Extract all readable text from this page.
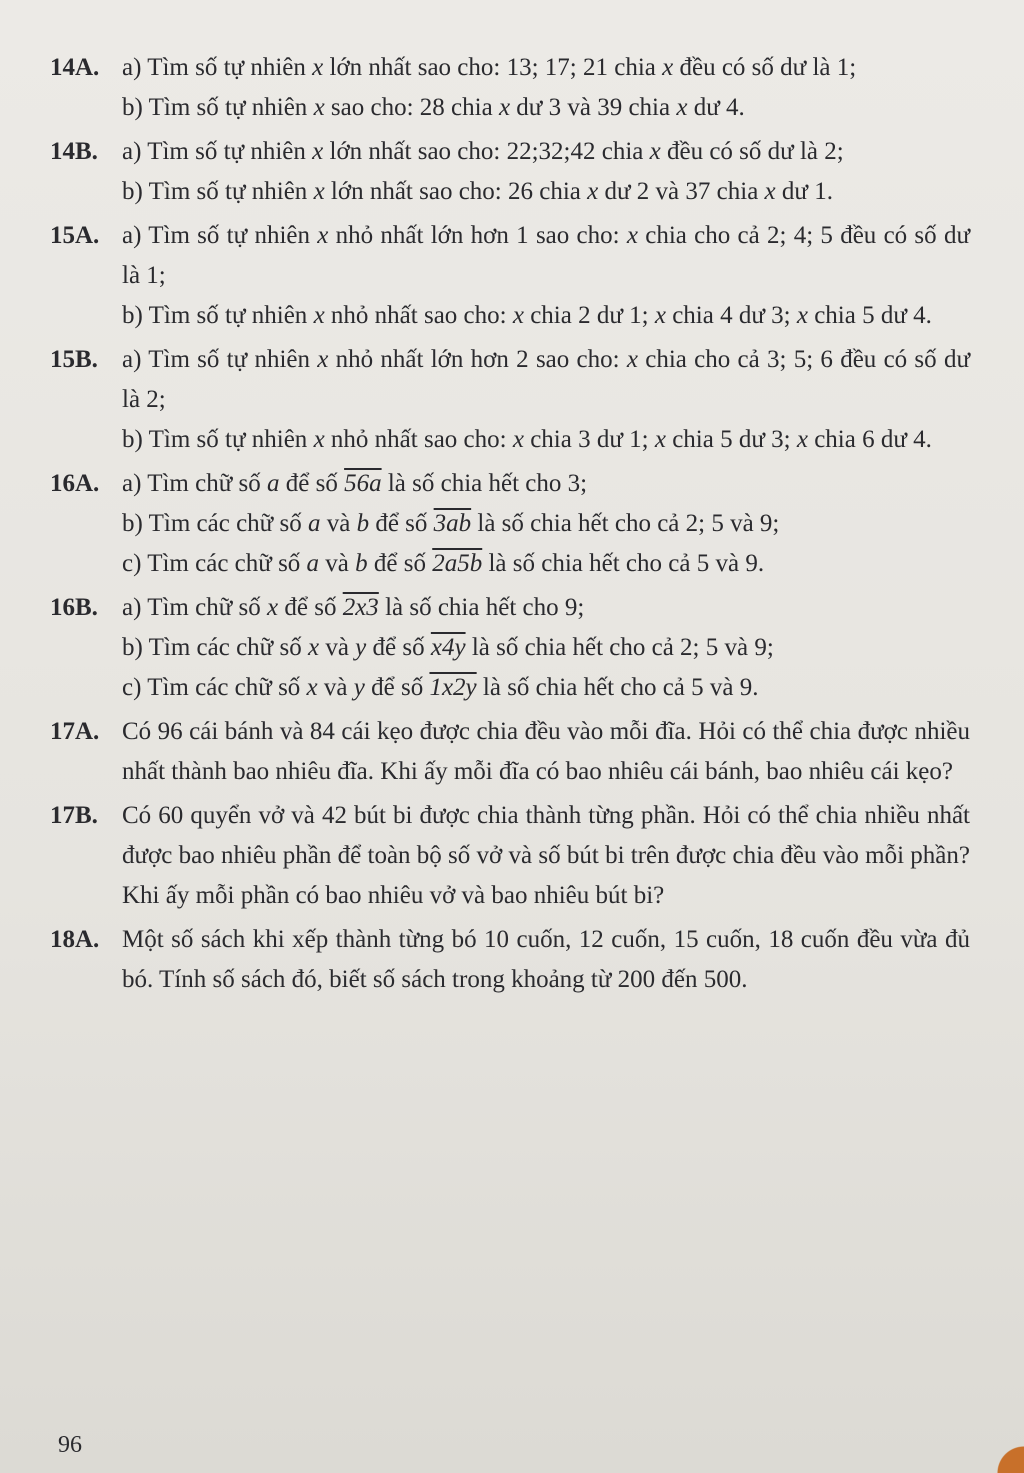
14A. a) Tìm số tự nhiên x lớn nhất sao cho: 13; 17; 21 chia x đều có số dư là 1;
b) Tìm số tự nhiên x sao cho: 28 chia x dư 3 và 39 chia x dư 4.
14B. a) Tìm số tự nhiên x lớn nhất sao cho: 22;32;42 chia x đều có số dư là 2;
b) Tìm số tự nhiên x lớn nhất sao cho: 26 chia x dư 2 và 37 chia x dư 1.
15A. a) Tìm số tự nhiên x nhỏ nhất lớn hơn 1 sao cho: x chia cho cả 2; 4; 5 đều có số dư là 1;
b) Tìm số tự nhiên x nhỏ nhất sao cho: x chia 2 dư 1; x chia 4 dư 3; x chia 5 dư 4.
15B. a) Tìm số tự nhiên x nhỏ nhất lớn hơn 2 sao cho: x chia cho cả 3; 5; 6 đều có số dư là 2;
b) Tìm số tự nhiên x nhỏ nhất sao cho: x chia 3 dư 1; x chia 5 dư 3; x chia 6 dư 4.
16A. a) Tìm chữ số a để số 56a là số chia hết cho 3;
b) Tìm các chữ số a và b để số 3ab là số chia hết cho cả 2; 5 và 9;
c) Tìm các chữ số a và b để số 2a5b là số chia hết cho cả 5 và 9.
16B. a) Tìm chữ số x để số 2x3 là số chia hết cho 9;
b) Tìm các chữ số x và y để số x4y là số chia hết cho cả 2; 5 và 9;
c) Tìm các chữ số x và y để số 1x2y là số chia hết cho cả 5 và 9.
17A. Có 96 cái bánh và 84 cái kẹo được chia đều vào mỗi đĩa. Hỏi có thể chia được nhiều nhất thành bao nhiêu đĩa. Khi ấy mỗi đĩa có bao nhiêu cái bánh, bao nhiêu cái kẹo?
17B. Có 60 quyển vở và 42 bút bi được chia thành từng phần. Hỏi có thể chia nhiều nhất được bao nhiêu phần để toàn bộ số vở và số bút bi trên được chia đều vào mỗi phần? Khi ấy mỗi phần có bao nhiêu vở và bao nhiêu bút bi?
18A. Một số sách khi xếp thành từng bó 10 cuốn, 12 cuốn, 15 cuốn, 18 cuốn đều vừa đủ bó. Tính số sách đó, biết số sách trong khoảng từ 200 đến 500.
96
